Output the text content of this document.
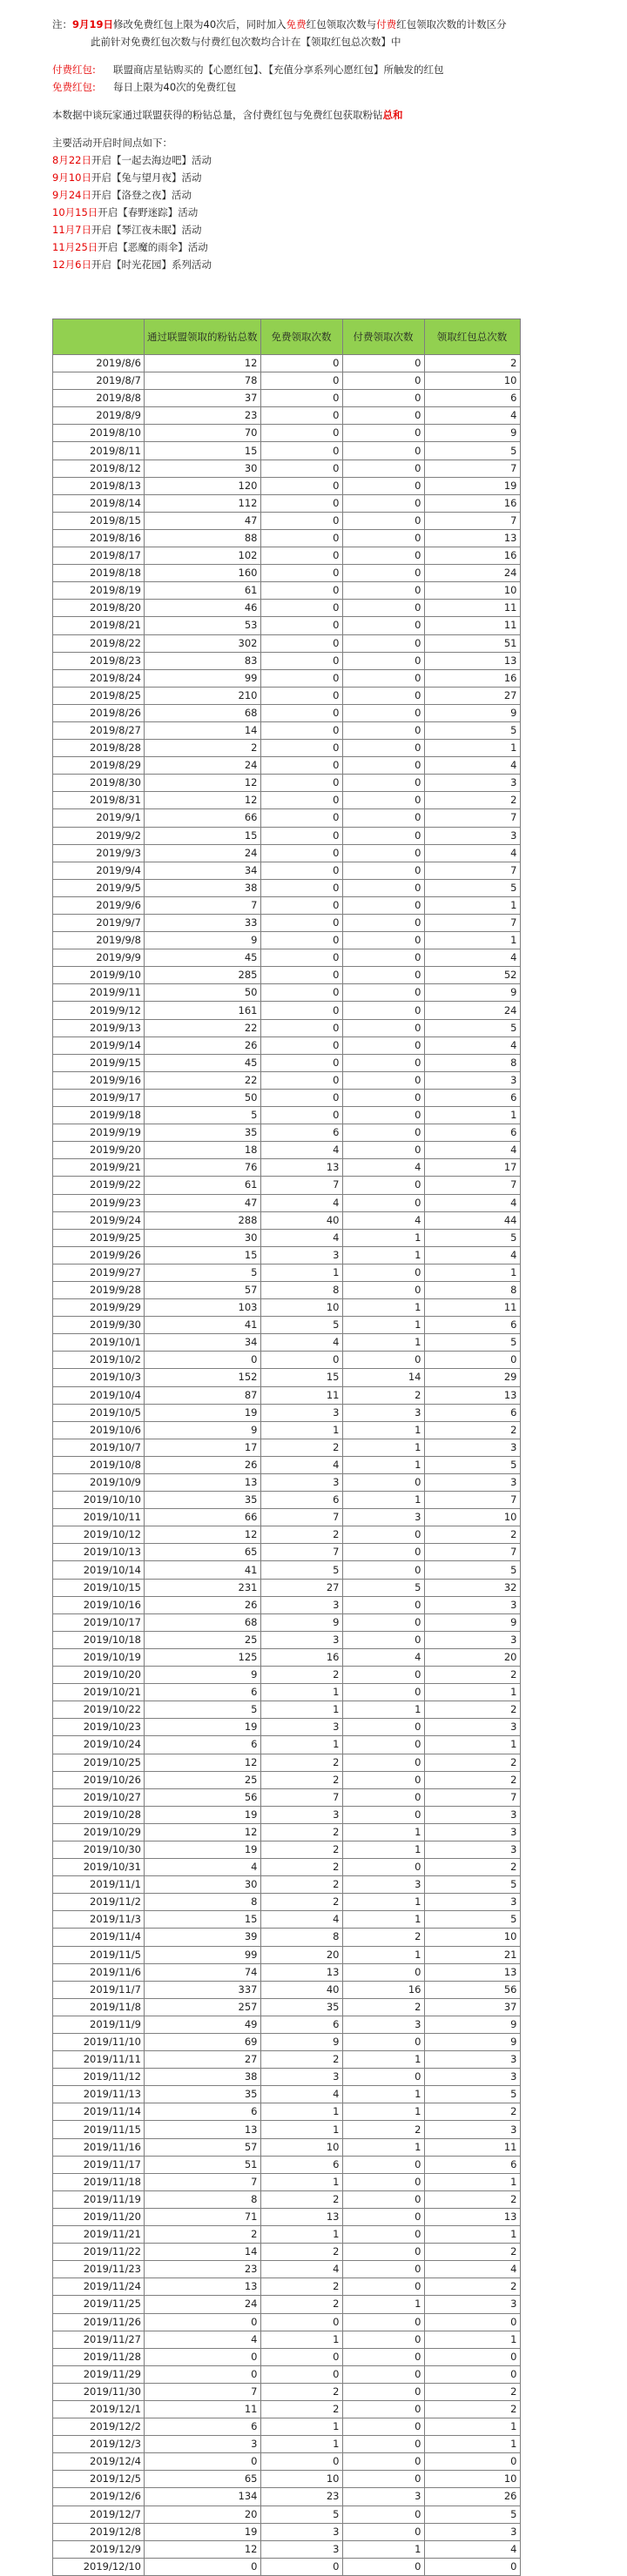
注：9月19日修改免费红包上限为40次后，同时加入免费红包领取次数与付费红包领取次数的计数区分
此前针对免费红包次数与付费红包次数均合计在【领取红包总次数】中
付费红包: 联盟商店星钻购买的【心愿红包】、【充值分享系列心愿红包】所触发的红包
免费红包: 每日上限为40次的免费红包
本数据中谈玩家通过联盟获得的粉钻总量，含付费红包与免费红包获取粉钻总和
主要活动开启时间点如下：
8月22日开启【一起去海边吧】活动
9月10日开启【兔与望月夜】活动
9月24日开启【洛登之夜】活动
10月15日开启【春野迷踪】活动
11月7日开启【琴江夜未眠】活动
11月25日开启【恶魔的雨伞】活动
12月6日开启【时光花园】系列活动
	通过联盟领取的粉钻总数	免费领取次数	付费领取次数	领取红包总次数
2019/8/6	12	0	0	2
2019/8/7	78	0	0	10
2019/8/8	37	0	0	6
2019/8/9	23	0	0	4
2019/8/10	70	0	0	9
2019/8/11	15	0	0	5
2019/8/12	30	0	0	7
2019/8/13	120	0	0	19
2019/8/14	112	0	0	16
2019/8/15	47	0	0	7
2019/8/16	88	0	0	13
2019/8/17	102	0	0	16
2019/8/18	160	0	0	24
2019/8/19	61	0	0	10
2019/8/20	46	0	0	11
2019/8/21	53	0	0	11
2019/8/22	302	0	0	51
2019/8/23	83	0	0	13
2019/8/24	99	0	0	16
2019/8/25	210	0	0	27
2019/8/26	68	0	0	9
2019/8/27	14	0	0	5
2019/8/28	2	0	0	1
2019/8/29	24	0	0	4
2019/8/30	12	0	0	3
2019/8/31	12	0	0	2
2019/9/1	66	0	0	7
2019/9/2	15	0	0	3
2019/9/3	24	0	0	4
2019/9/4	34	0	0	7
2019/9/5	38	0	0	5
2019/9/6	7	0	0	1
2019/9/7	33	0	0	7
2019/9/8	9	0	0	1
2019/9/9	45	0	0	4
2019/9/10	285	0	0	52
2019/9/11	50	0	0	9
2019/9/12	161	0	0	24
2019/9/13	22	0	0	5
2019/9/14	26	0	0	4
2019/9/15	45	0	0	8
2019/9/16	22	0	0	3
2019/9/17	50	0	0	6
2019/9/18	5	0	0	1
2019/9/19	35	6	0	6
2019/9/20	18	4	0	4
2019/9/21	76	13	4	17
2019/9/22	61	7	0	7
2019/9/23	47	4	0	4
2019/9/24	288	40	4	44
2019/9/25	30	4	1	5
2019/9/26	15	3	1	4
2019/9/27	5	1	0	1
2019/9/28	57	8	0	8
2019/9/29	103	10	1	11
2019/9/30	41	5	1	6
2019/10/1	34	4	1	5
2019/10/2	0	0	0	0
2019/10/3	152	15	14	29
2019/10/4	87	11	2	13
2019/10/5	19	3	3	6
2019/10/6	9	1	1	2
2019/10/7	17	2	1	3
2019/10/8	26	4	1	5
2019/10/9	13	3	0	3
2019/10/10	35	6	1	7
2019/10/11	66	7	3	10
2019/10/12	12	2	0	2
2019/10/13	65	7	0	7
2019/10/14	41	5	0	5
2019/10/15	231	27	5	32
2019/10/16	26	3	0	3
2019/10/17	68	9	0	9
2019/10/18	25	3	0	3
2019/10/19	125	16	4	20
2019/10/20	9	2	0	2
2019/10/21	6	1	0	1
2019/10/22	5	1	1	2
2019/10/23	19	3	0	3
2019/10/24	6	1	0	1
2019/10/25	12	2	0	2
2019/10/26	25	2	0	2
2019/10/27	56	7	0	7
2019/10/28	19	3	0	3
2019/10/29	12	2	1	3
2019/10/30	19	2	1	3
2019/10/31	4	2	0	2
2019/11/1	30	2	3	5
2019/11/2	8	2	1	3
2019/11/3	15	4	1	5
2019/11/4	39	8	2	10
2019/11/5	99	20	1	21
2019/11/6	74	13	0	13
2019/11/7	337	40	16	56
2019/11/8	257	35	2	37
2019/11/9	49	6	3	9
2019/11/10	69	9	0	9
2019/11/11	27	2	1	3
2019/11/12	38	3	0	3
2019/11/13	35	4	1	5
2019/11/14	6	1	1	2
2019/11/15	13	1	2	3
2019/11/16	57	10	1	11
2019/11/17	51	6	0	6
2019/11/18	7	1	0	1
2019/11/19	8	2	0	2
2019/11/20	71	13	0	13
2019/11/21	2	1	0	1
2019/11/22	14	2	0	2
2019/11/23	23	4	0	4
2019/11/24	13	2	0	2
2019/11/25	24	2	1	3
2019/11/26	0	0	0	0
2019/11/27	4	1	0	1
2019/11/28	0	0	0	0
2019/11/29	0	0	0	0
2019/11/30	7	2	0	2
2019/12/1	11	2	0	2
2019/12/2	6	1	0	1
2019/12/3	3	1	0	1
2019/12/4	0	0	0	0
2019/12/5	65	10	0	10
2019/12/6	134	23	3	26
2019/12/7	20	5	0	5
2019/12/8	19	3	0	3
2019/12/9	12	3	1	4
2019/12/10	0	0	0	0
